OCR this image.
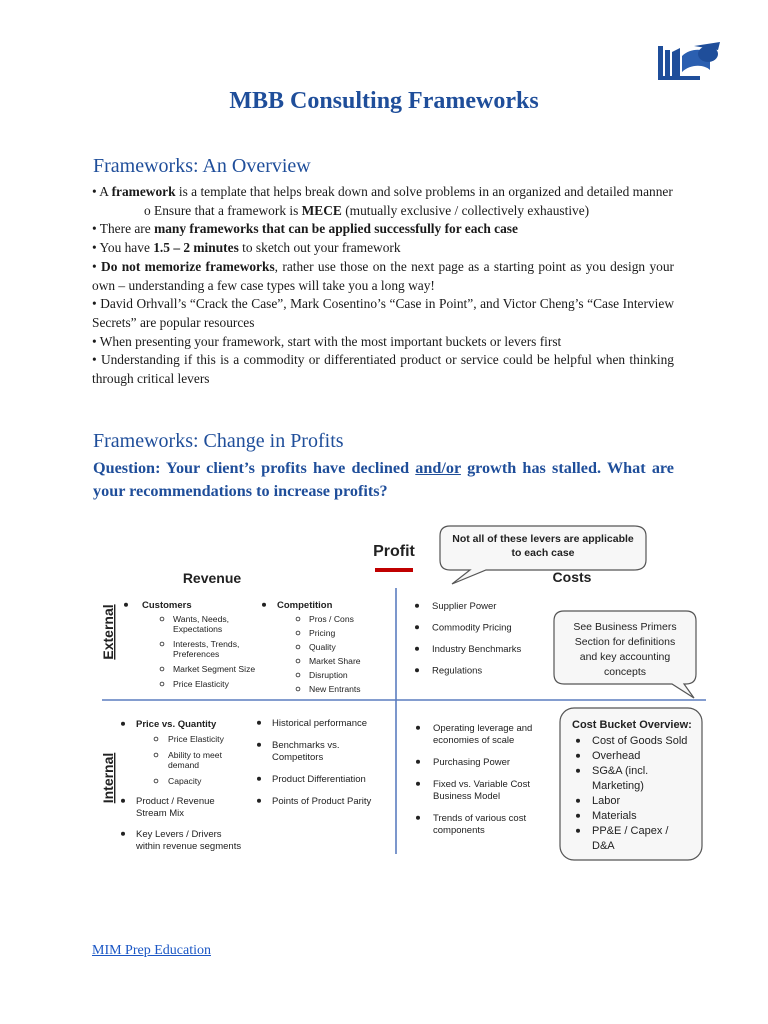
MBB Consulting Frameworks
Frameworks: An Overview

• A framework is a template that helps break down and solve problems in an organized and detailed manner

o Ensure that a framework is MECE (mutually exclusive / collectively exhaustive)

• There are many frameworks that can be applied successfully for each case

• You have 1.5 – 2 minutes to sketch out your framework

• Do not memorize frameworks, rather use those on the next page as a starting point as you design your own – understanding a few case types will take you a long way!

• David Orhvall’s “Crack the Case”, Mark Cosentino’s “Case in Point”, and Victor Cheng’s “Case Interview Secrets” are popular resources

• When presenting your framework, start with the most important buckets or levers first

• Understanding if this is a commodity or differentiated product or service could be helpful when thinking through critical levers

Frameworks: Change in Profits
Question: Your client’s profits have declined and/or growth has stalled. What are your recommendations to increase profits?
Profit
Revenue	Costs
External
Internal
Not all of these levers are applicable
to each case
See Business Primers
Section for definitions
and key accounting
concepts
Cost Bucket Overview:
Cost of Goods Sold
Overhead
SG&A (incl.
Marketing)
Labor
Materials
PP&E / Capex /
D&A
Customers
Wants, Needs,
Expectations
Interests, Trends,
Preferences
Market Segment Size
Price Elasticity
Competition
Pros / Cons
Pricing
Quality
Market Share
Disruption
New Entrants
Supplier Power
Commodity Pricing
Industry Benchmarks
Regulations
Price vs. Quantity
Price Elasticity
Ability to meet
demand
Capacity
Product / Revenue
Stream Mix
Key Levers / Drivers
within revenue segments
Historical performance
Benchmarks vs.
Competitors
Product Differentiation
Points of Product Parity
Operating leverage and
economies of scale
Purchasing Power
Fixed vs. Variable Cost
Business Model
Trends of various cost
components
MIM Prep Education
